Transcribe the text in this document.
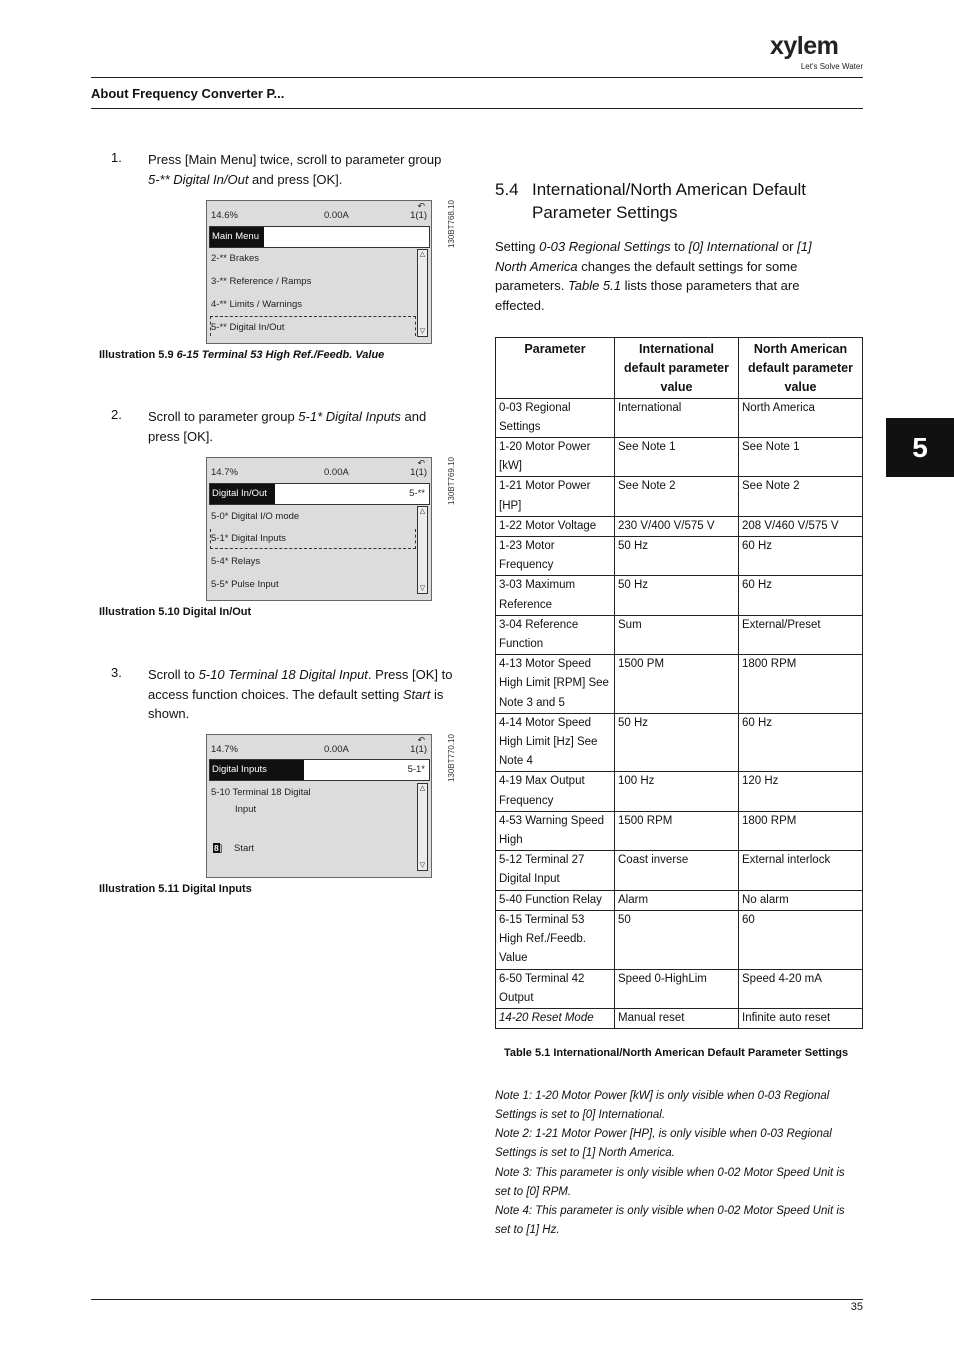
xylem
Let's Solve Water
About Frequency Converter P...
1. Press [Main Menu] twice, scroll to parameter group 5-** Digital In/Out and press [OK].
14.6%	0.00A	1(1)
↶
Main Menu
2-** Brakes
3-** Reference / Ramps
4-** Limits / Warnings
5-** Digital In/Out
△
▽
130BT768.10
Illustration 5.9 6-15 Terminal 53 High Ref./Feedb. Value
2. Scroll to parameter group 5-1* Digital Inputs and press [OK].
14.7%	0.00A	1(1)
↶
Digital In/Out	5-**
5-0* Digital I/O mode
5-1* Digital Inputs
5-4* Relays
5-5* Pulse Input
△
▽
130BT769.10
Illustration 5.10 Digital In/Out
3. Scroll to 5-10 Terminal 18 Digital Input. Press [OK] to access function choices. The default setting Start is shown.
14.7%	0.00A	1(1)
↶
Digital Inputs	5-1*
5-10 Terminal 18 Digital
Input
8] Start
△
▽
130BT770.10
Illustration 5.11 Digital Inputs
5.4 International/North American Default
Parameter Settings
Setting 0-03 Regional Settings to [0] International or [1] North America changes the default settings for some parameters. Table 5.1 lists those parameters that are effected.
Parameter	International default parameter value	North American default parameter value
0-03 Regional Settings	International	North America
1-20 Motor Power [kW]	See Note 1	See Note 1
1-21 Motor Power [HP]	See Note 2	See Note 2
1-22 Motor Voltage	230 V/400 V/575 V	208 V/460 V/575 V
1-23 Motor Frequency	50 Hz	60 Hz
3-03 Maximum Reference	50 Hz	60 Hz
3-04 Reference Function	Sum	External/Preset
4-13 Motor Speed High Limit [RPM] See Note 3 and 5	1500 PM	1800 RPM
4-14 Motor Speed High Limit [Hz] See Note 4	50 Hz	60 Hz
4-19 Max Output Frequency	100 Hz	120 Hz
4-53 Warning Speed High	1500 RPM	1800 RPM
5-12 Terminal 27 Digital Input	Coast inverse	External interlock
5-40 Function Relay	Alarm	No alarm
6-15 Terminal 53 High Ref./Feedb. Value	50	60
6-50 Terminal 42 Output	Speed 0-HighLim	Speed 4-20 mA
14-20 Reset Mode	Manual reset	Infinite auto reset
Table 5.1 International/North American Default Parameter Settings
Note 1: 1-20 Motor Power [kW] is only visible when 0-03 Regional Settings is set to [0] International.
Note 2: 1-21 Motor Power [HP], is only visible when 0-03 Regional Settings is set to [1] North America.
Note 3: This parameter is only visible when 0-02 Motor Speed Unit is set to [0] RPM.
Note 4: This parameter is only visible when 0-02 Motor Speed Unit is set to [1] Hz.
5
35
